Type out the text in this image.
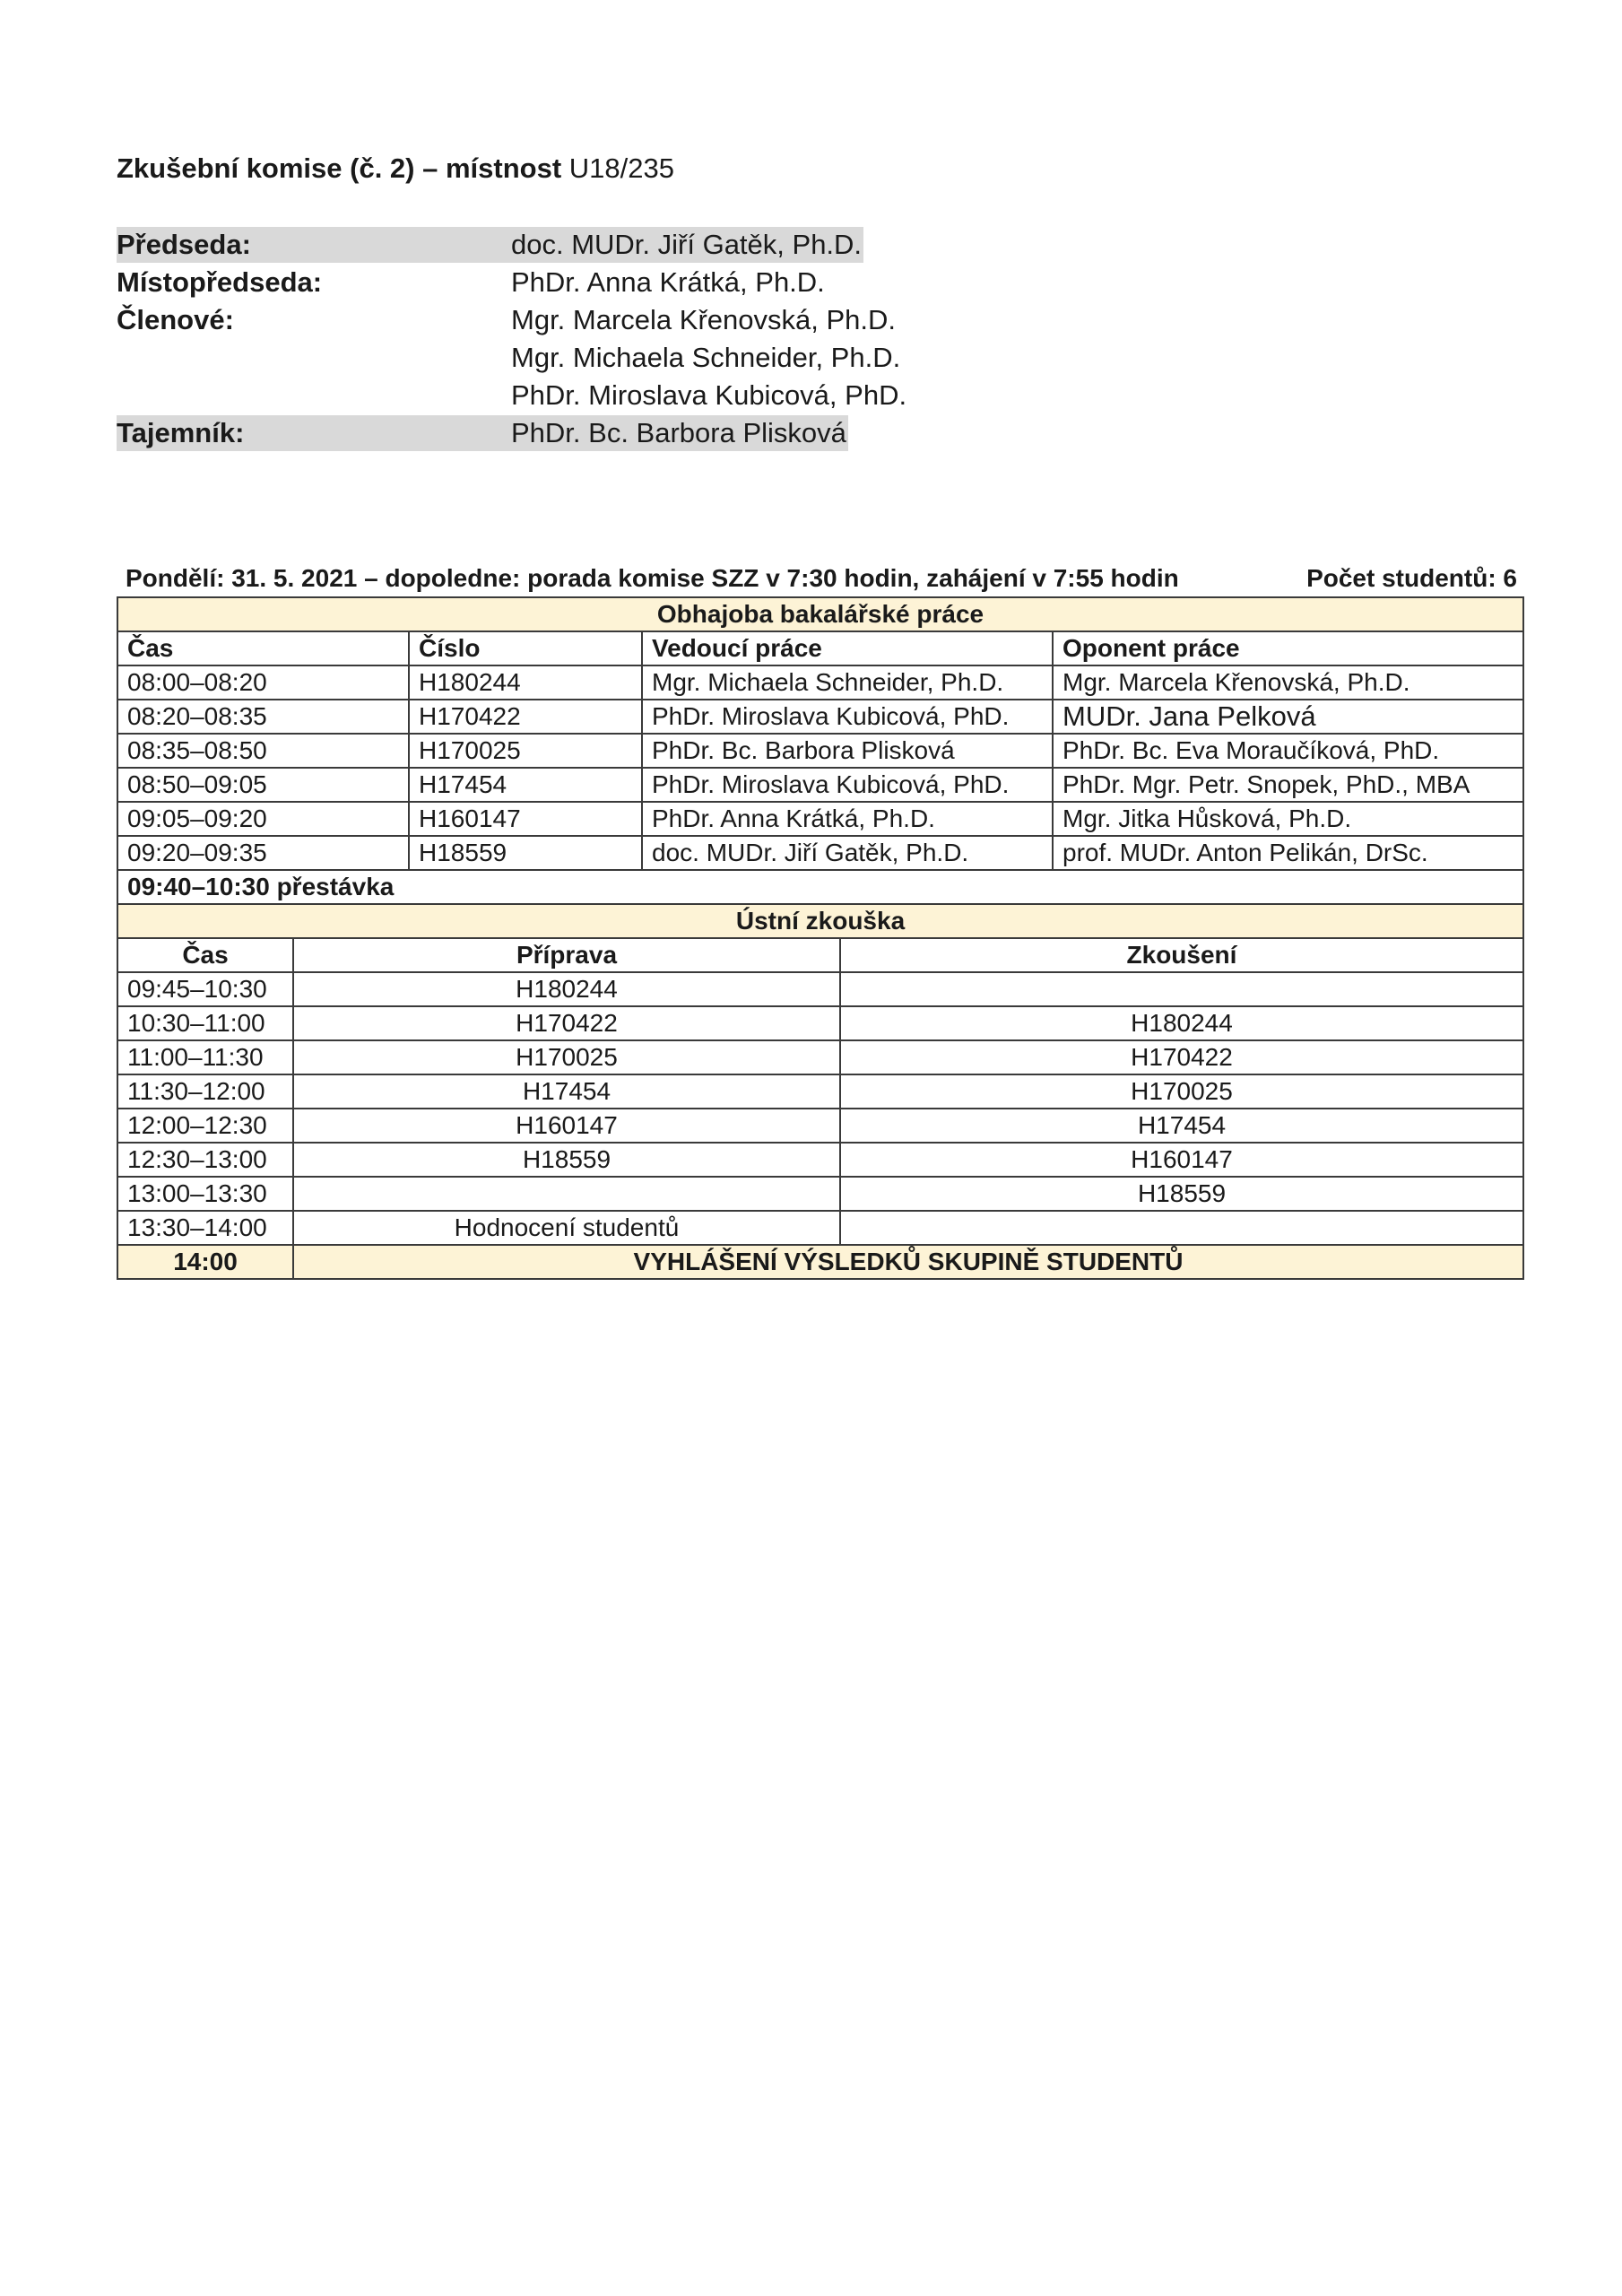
Zkušební komise (č. 2) – místnost U18/235
Předseda:	doc. MUDr. Jiří Gatěk, Ph.D.
Místopředseda:	PhDr. Anna Krátká, Ph.D.
Členové:	Mgr. Marcela Křenovská, Ph.D.
Mgr. Michaela Schneider, Ph.D.
PhDr. Miroslava Kubicová, PhD.
Tajemník:	PhDr. Bc. Barbora Plisková
Pondělí: 31. 5. 2021 – dopoledne: porada komise SZZ v 7:30 hodin, zahájení v 7:55 hodin	Počet studentů: 6
Obhajoba bakalářské práce			
Čas	Číslo	Vedoucí práce	Oponent práce
08:00–08:20	H180244	Mgr. Michaela Schneider, Ph.D.	Mgr. Marcela Křenovská, Ph.D.
08:20–08:35	H170422	PhDr. Miroslava Kubicová, PhD.	MUDr. Jana Pelková
08:35–08:50	H170025	PhDr. Bc. Barbora Plisková	PhDr. Bc. Eva Moraučíková, PhD.
08:50–09:05	H17454	PhDr. Miroslava Kubicová, PhD.	PhDr. Mgr. Petr. Snopek, PhD., MBA
09:05–09:20	H160147	PhDr. Anna Krátká, Ph.D.	Mgr. Jitka Hůsková, Ph.D.
09:20–09:35	H18559	doc. MUDr. Jiří Gatěk, Ph.D.	prof. MUDr. Anton Pelikán, DrSc.
09:40–10:30 přestávka			
Ústní zkouška		
Čas	Příprava	Zkoušení
09:45–10:30	H180244	
10:30–11:00	H170422	H180244
11:00–11:30	H170025	H170422
11:30–12:00	H17454	H170025
12:00–12:30	H160147	H17454
12:30–13:00	H18559	H160147
13:00–13:30		H18559
13:30–14:00	Hodnocení studentů	
14:00	VYHLÁŠENÍ VÝSLEDKŮ SKUPINĚ STUDENTŮ	
